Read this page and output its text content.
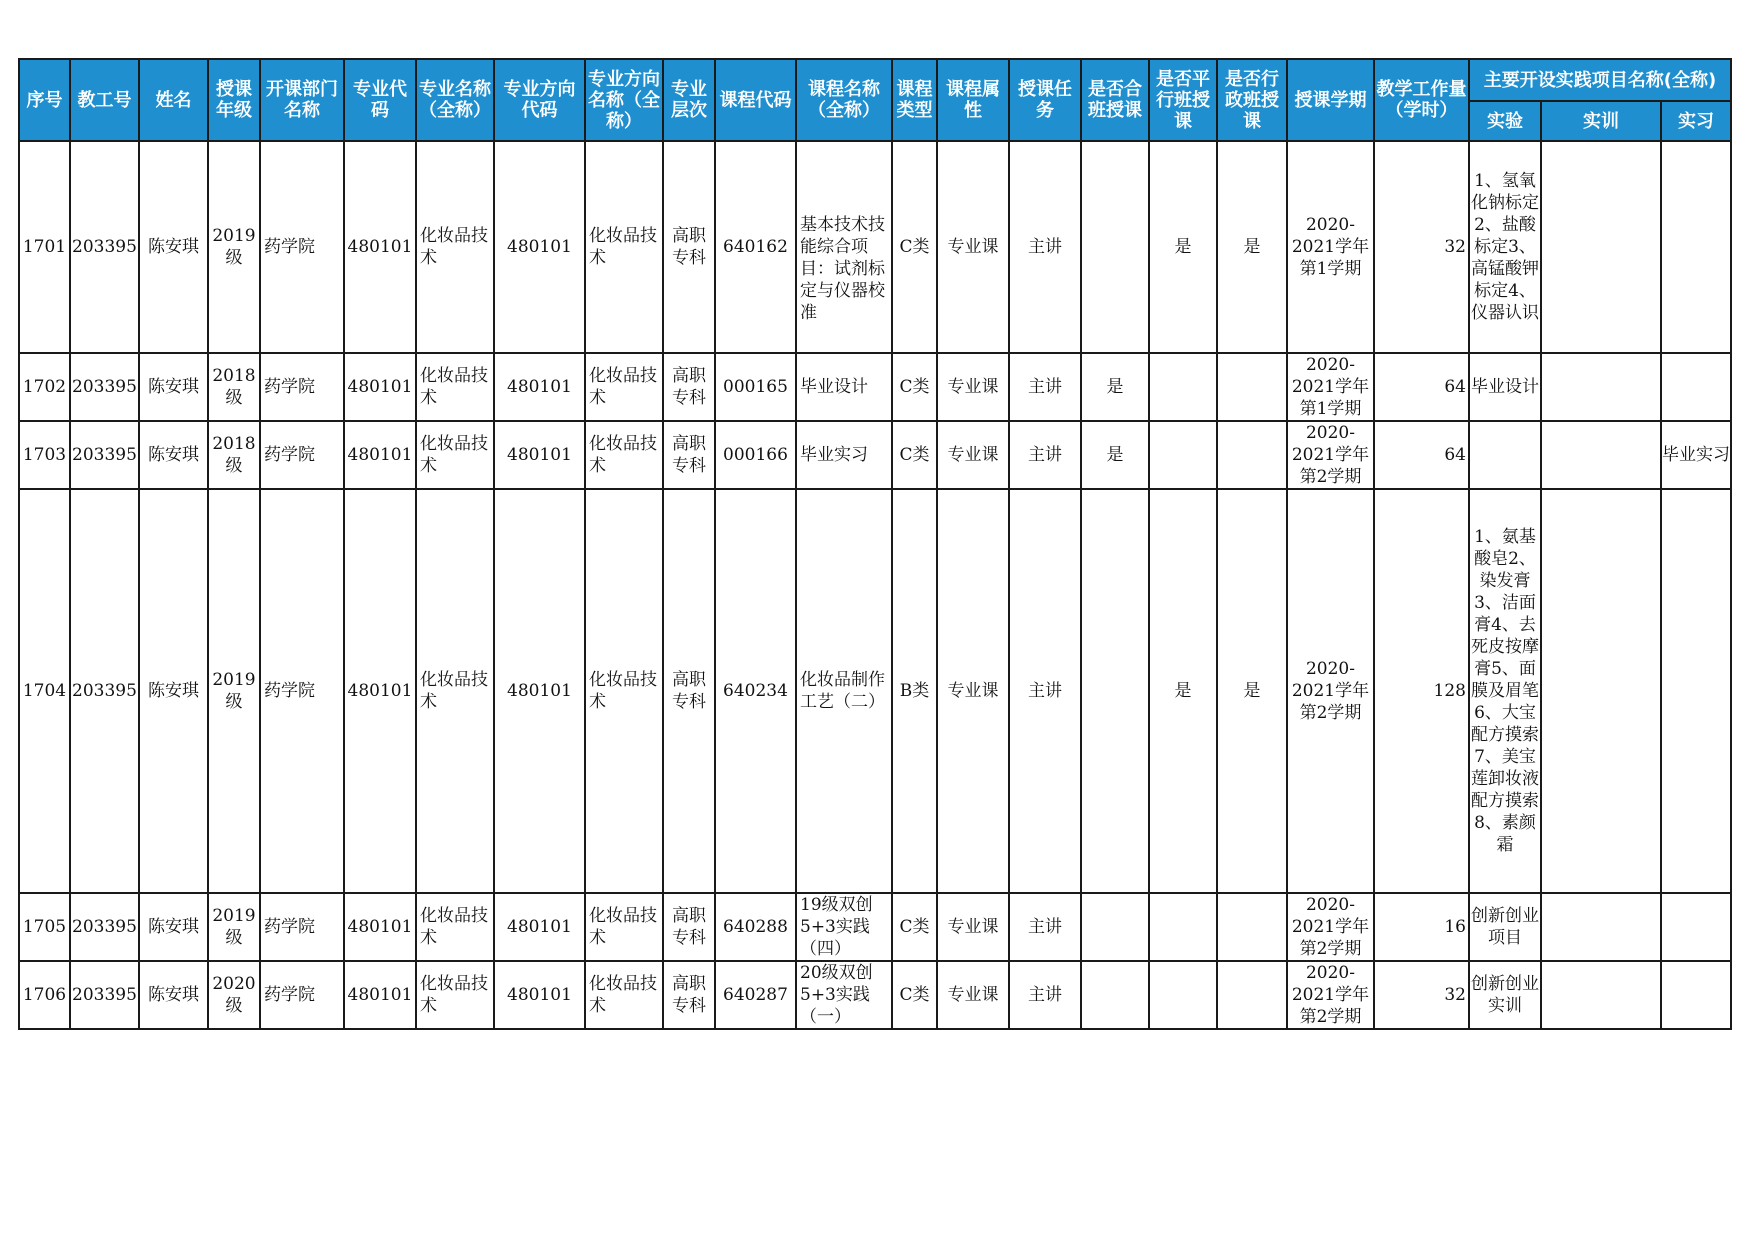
序号	教工号	姓名	授课年级	开课部门名称	专业代码	专业名称（全称）	专业方向代码	专业方向名称（全称）	专业层次	课程代码	课程名称（全称）	课程类型	课程属性	授课任务	是否合班授课	是否平行班授课	是否行政班授课	授课学期	教学工作量（学时）	主要开设实践项目名称(全称)		
																				实验	实训	实习
1701	203395	陈安琪	2019级	药学院	480101	化妆品技术	480101	化妆品技术	高职专科	640162	基本技术技能综合项目：试剂标定与仪器校准	C类	专业课	主讲		是	是	2020-2021学年第1学期	32	1、氢氧化钠标定2、盐酸标定3、高锰酸钾标定4、仪器认识		

1702	203395	陈安琪	2018级	药学院	480101	化妆品技术	480101	化妆品技术	高职专科	000165	毕业设计	C类	专业课	主讲	是			2020-2021学年第1学期	64	毕业设计		

1703	203395	陈安琪	2018级	药学院	480101	化妆品技术	480101	化妆品技术	高职专科	000166	毕业实习	C类	专业课	主讲	是			2020-2021学年第2学期	64			毕业实习

1704	203395	陈安琪	2019级	药学院	480101	化妆品技术	480101	化妆品技术	高职专科	640234	化妆品制作工艺（二）	B类	专业课	主讲		是	是	2020-2021学年第2学期	128	1、氨基酸皂2、染发膏3、洁面膏4、去死皮按摩膏5、面膜及眉笔6、大宝配方摸索7、美宝莲卸妆液配方摸索8、素颜霜		

1705	203395	陈安琪	2019级	药学院	480101	化妆品技术	480101	化妆品技术	高职专科	640288	19级双创5+3实践（四）	C类	专业课	主讲				2020-2021学年第2学期	16	创新创业项目		

1706	203395	陈安琪	2020级	药学院	480101	化妆品技术	480101	化妆品技术	高职专科	640287	20级双创5+3实践（一）	C类	专业课	主讲				2020-2021学年第2学期	32	创新创业实训		
